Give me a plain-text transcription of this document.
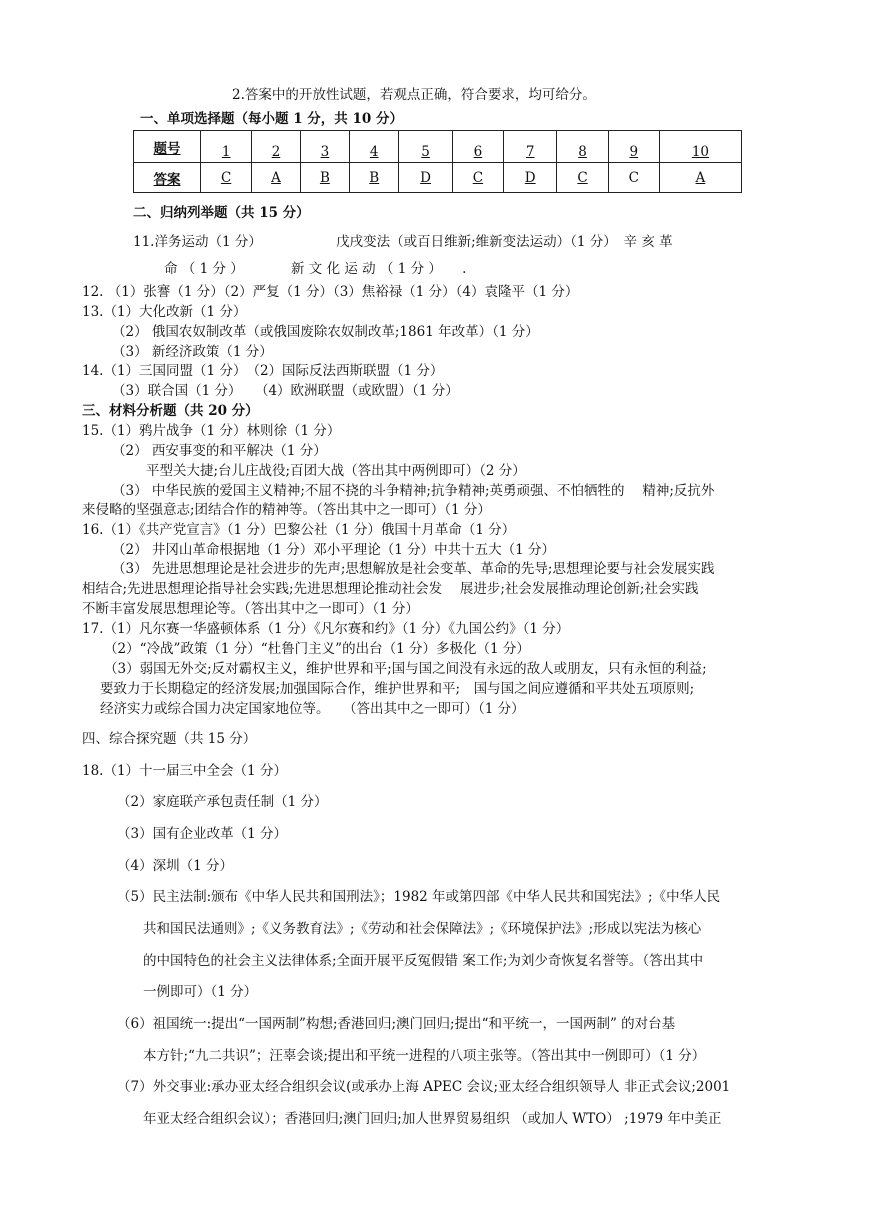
2.答案中的开放性试题，若观点正确，符合要求，均可给分。
一、单项选择题（每小题 1 分，共 10 分）
题号	1	2	3	4	5	6	7	8	9	10
答案	C	A	B	B	D	C	D	C	C	A
二、归纳列举题（共 15 分）
11.洋务运动（1 分）　　　　　　戊戌变法（或百日维新;维新变法运动）（1 分）　辛 亥 革
命 （ 1 分 ）　　　　新 文 化 运 动 （ 1 分 ）　　.
12. （1）张謇（1 分）（2）严复（1 分）（3）焦裕禄（1 分）（4）袁隆平（1 分）
13.（1）大化改新（1 分）
（2） 俄国农奴制改革（或俄国废除农奴制改革;1861 年改革）（1 分）
（3） 新经济政策（1 分）
14.（1）三国同盟（1 分）　（2）国际反法西斯联盟（1 分）
（3）联合国（1 分）　　（4）欧洲联盟（或欧盟）（1 分）
三、材料分析题（共 20 分）
15.（1）鸦片战争（1 分）林则徐（1 分）
（2） 西安事变的和平解决（1 分）
平型关大捷;台儿庄战役;百团大战（答出其中两例即可）（2 分）
（3） 中华民族的爱国主义精神;不屈不挠的斗争精神;抗争精神;英勇顽强、不怕牺牲的　 精神;反抗外
来侵略的坚强意志;团结合作的精神等。（答出其中之一即可）（1 分）
16.（1）《共产党宣言》（1 分）巴黎公社（1 分）俄国十月革命（1 分）
（2） 井冈山革命根据地（1 分）邓小平理论（1 分）中共十五大（1 分）
（3） 先进思想理论是社会进步的先声;思想解放是社会变革、革命的先导;思想理论要与社会发展实践
相结合;先进思想理论指导社会实践;先进思想理论推动社会发　 展进步;社会发展推动理论创新;社会实践
不断丰富发展思想理论等。（答出其中之一即可）（1 分）
17.（1）凡尔赛一华盛顿体系（1 分）《凡尔赛和约》（1 分）《九国公约》（1 分）
（2）“冷战”政策（1 分）“杜鲁门主义”的出台（1 分）多极化（1 分）
（3）弱国无外交;反对霸权主义，维护世界和平;国与国之间没有永远的敌人或朋友，只有永恒的利益;
要致力于长期稳定的经济发展;加强国际合作，维护世界和平;　国与国之间应遵循和平共处五项原则;
经济实力或综合国力决定国家地位等。　　（答出其中之一即可）（1 分）
四、综合探究题（共 15 分）
18.（1）十一届三中全会（1 分）
（2）家庭联产承包责任制（1 分）
（3）国有企业改革（1 分）
（4）深圳（1 分）
（5）民主法制:颁布《中华人民共和国刑法》；1982 年或第四部《中华人民共和国宪法》;《中华人民
共和国民法通则》;《义务教育法》;《劳动和社会保障法》;《环境保护法》;形成以宪法为核心
的中国特色的社会主义法律体系;全面开展平反冤假错 案工作;为刘少奇恢复名誉等。（答出其中
一例即可）（1 分）
（6）祖国统一:提出“一国两制”构想;香港回归;澳门回归;提出“和平统一，一国两制” 的对台基
本方针;“九二共识”；汪辜会谈;提出和平统一进程的八项主张等。（答出其中一例即可）（1 分）
（7）外交事业:承办亚太经合组织会议(或承办上海 APEC 会议;亚太经合组织领导人 非正式会议;2001
年亚太经合组织会议）；香港回归;澳门回归;加人世界贸易组织 （或加人 WTO） ;1979 年中美正
